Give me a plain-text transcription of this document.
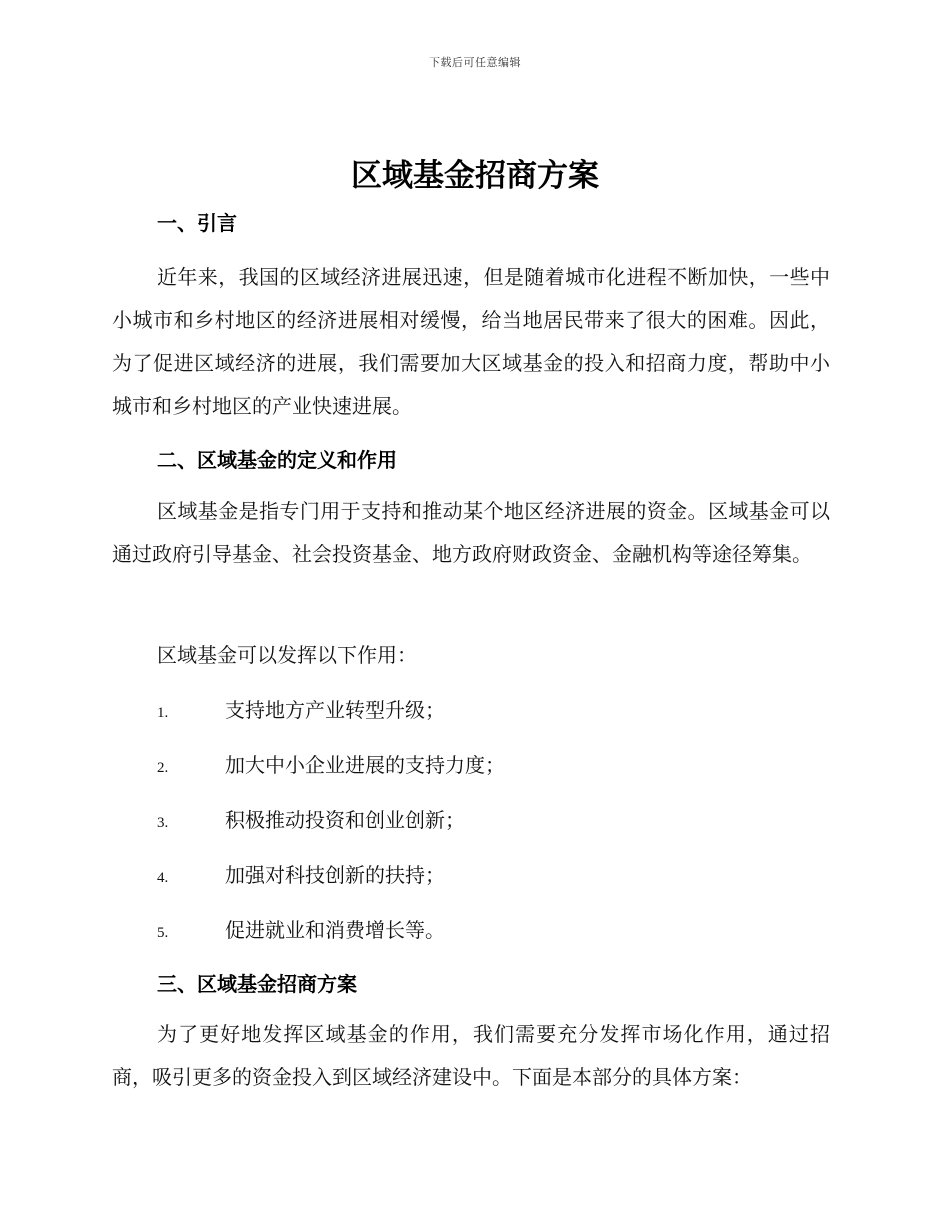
下载后可任意编辑
区域基金招商方案
一、引言

近年来，我国的区域经济进展迅速，但是随着城市化进程不断加快，一些中小城市和乡村地区的经济进展相对缓慢，给当地居民带来了很大的困难。因此，为了促进区域经济的进展，我们需要加大区域基金的投入和招商力度，帮助中小城市和乡村地区的产业快速进展。

二、区域基金的定义和作用

区域基金是指专门用于支持和推动某个地区经济进展的资金。区域基金可以通过政府引导基金、社会投资基金、地方政府财政资金、金融机构等途径筹集。

区域基金可以发挥以下作用：
1.	支持地方产业转型升级；
2.	加大中小企业进展的支持力度；
3.	积极推动投资和创业创新；
4.	加强对科技创新的扶持；
5.	促进就业和消费增长等。
三、区域基金招商方案

为了更好地发挥区域基金的作用，我们需要充分发挥市场化作用，通过招商，吸引更多的资金投入到区域经济建设中。下面是本部分的具体方案：
